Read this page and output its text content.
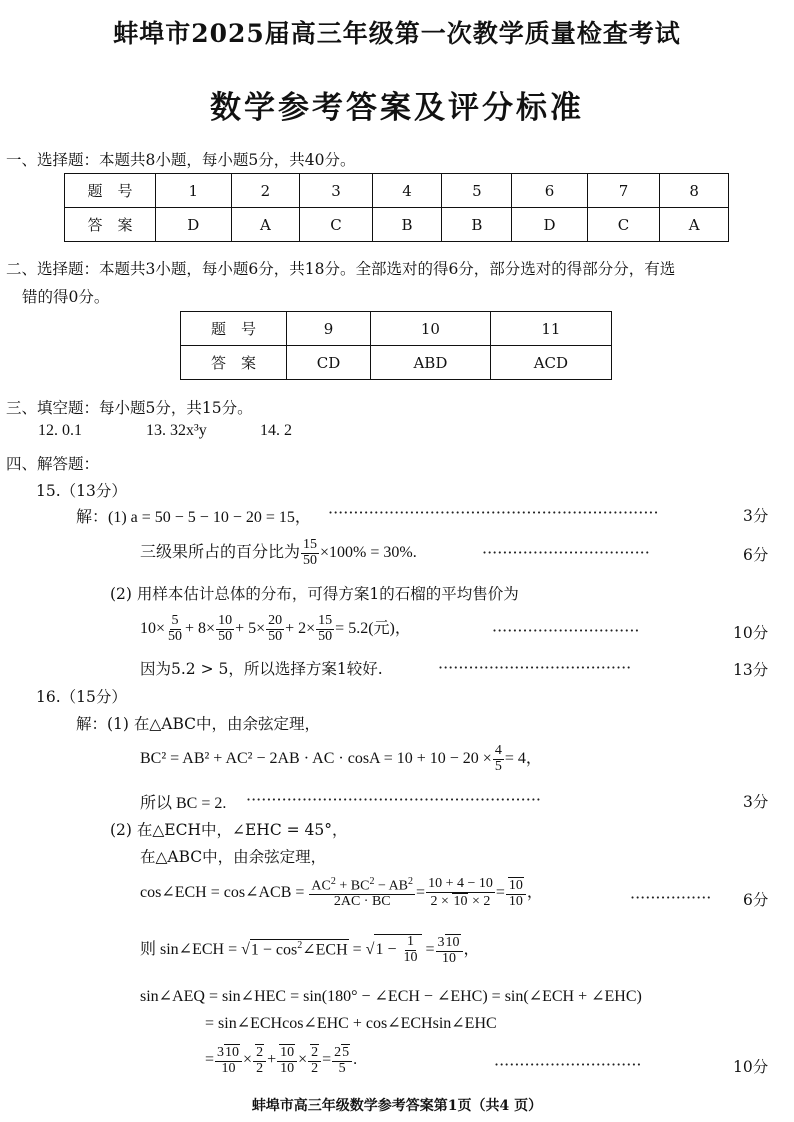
蚌埠市2025届高三年级第一次教学质量检查考试
数学参考答案及评分标准
一、选择题：本题共8小题，每小题5分，共40分。
题　号	1	2	3	4	5	6	7	8
答　案	D	A	C	B	B	D	C	A
二、选择题：本题共3小题，每小题6分，共18分。全部选对的得6分，部分选对的得部分分，有选
错的得0分。
题　号	9	10	11
答　案	CD	ABD	ACD
三、填空题：每小题5分，共15分。
12. 0.1	13. 32x³y	14. 2
四、解答题：
15.（13分）
解：(1) a = 50 − 5 − 10 − 20 = 15， ·································································	3分
三级果所占的百分比为 $\frac{15}{50} \times 100\% = 30\%$.	·································	6分
(2) 用样本估计总体的分布，可得方案1的石榴的平均售价为
$10\times \frac{5}{50} + 8\times \frac{10}{50} + 5\times \frac{20}{50} + 2\times \frac{15}{50} = 5.2$(元)，	·····························	10分
因为5.2 > 5，所以选择方案1较好.	······································	13分
16.（15分）
解：(1) 在△ABC中，由余弦定理，
BC² = AB² + AC² − 2AB · AC · $\cos A = 10 + 10 - 20 \times \frac{4}{5} = 4$，
所以 BC = 2. ··························································	3分
(2) 在△ECH中，∠EHC = 45°，
在△ABC中，由余弦定理，
cos∠ECH = cos∠ACB = $\frac{AC^2 + BC^2 - AB^2}{2AC \cdot BC} = \frac{10 + 4 - 10}{2 \times 10 \times 2} = \frac{10}{10}$ ，	················ 6分
则 sin∠ECH = $√1 - \cos^2\angle ECH = √1 - \frac{1}{10} = \frac{310}{10}$ ，
sin∠AEQ = sin∠HEC = sin(180° − ∠ECH − ∠EHC) = sin(∠ECH + ∠EHC)
= sin∠ECHcos∠EHC + cos∠ECHsin∠EHC
= $\frac{310}{10} \times \frac{2}{2} + \frac{10}{10} \times \frac{2}{2} = \frac{25}{5}$ .	·····························	10分
蚌埠市高三年级数学参考答案第1页（共4 页）
